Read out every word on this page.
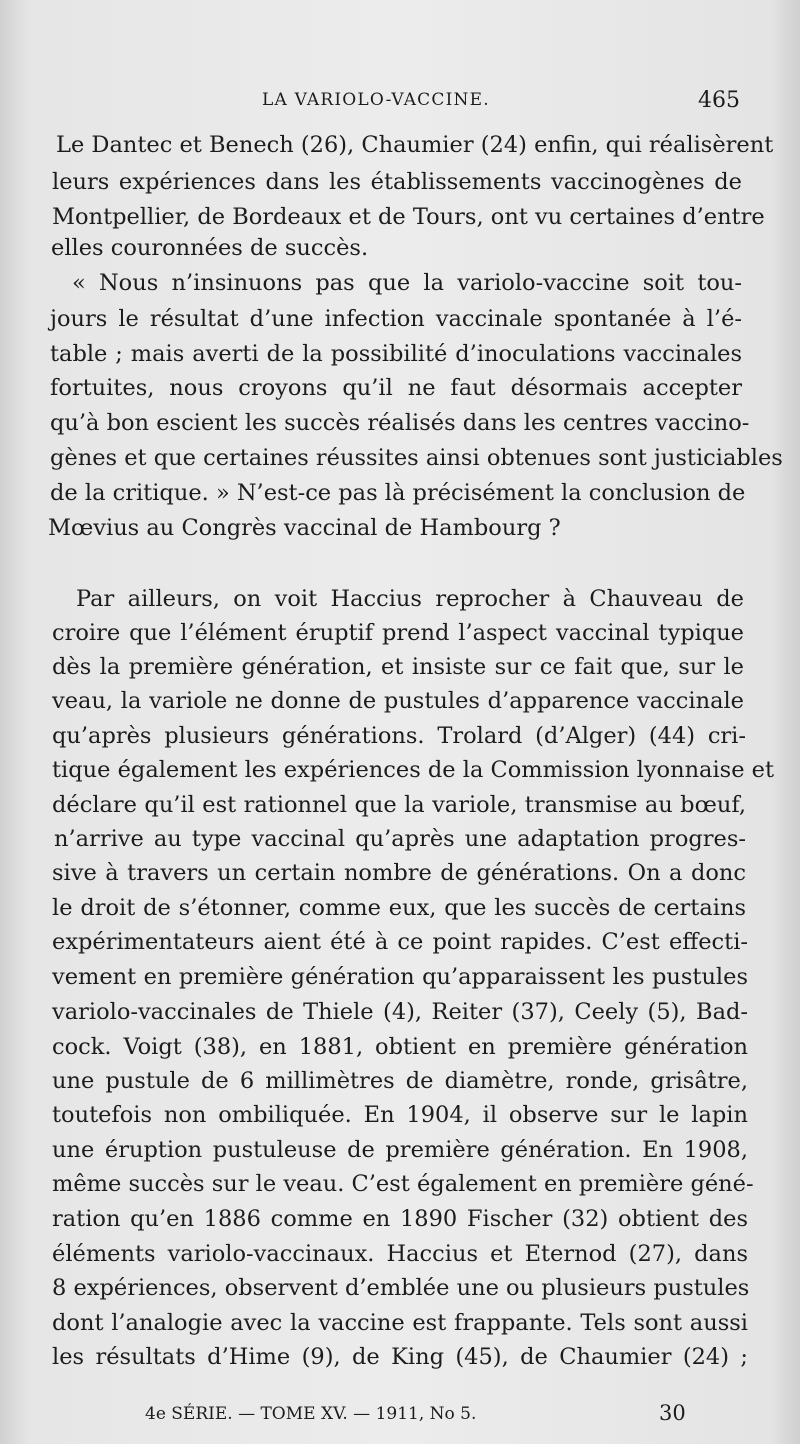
LA VARIOLO-VACCINE.	465
Le Dantec et Benech (26), Chaumier (24) enfin, qui réalisèrent
leurs expériences dans les établissements vaccinogènes de
Montpellier, de Bordeaux et de Tours, ont vu certaines d’entre
elles couronnées de succès.
« Nous n’insinuons pas que la variolo-vaccine soit tou-
jours le résultat d’une infection vaccinale spontanée à l’é-
table ; mais averti de la possibilité d’inoculations vaccinales
fortuites, nous croyons qu’il ne faut désormais accepter
qu’à bon escient les succès réalisés dans les centres vaccino-
gènes et que certaines réussites ainsi obtenues sont justiciables
de la critique. » N’est-ce pas là précisément la conclusion de
Mœvius au Congrès vaccinal de Hambourg ?
Par ailleurs, on voit Haccius reprocher à Chauveau de
croire que l’élément éruptif prend l’aspect vaccinal typique
dès la première génération, et insiste sur ce fait que, sur le
veau, la variole ne donne de pustules d’apparence vaccinale
qu’après plusieurs générations. Trolard (d’Alger) (44) cri-
tique également les expériences de la Commission lyonnaise et
déclare qu’il est rationnel que la variole, transmise au bœuf,
n’arrive au type vaccinal qu’après une adaptation progres-
sive à travers un certain nombre de générations. On a donc
le droit de s’étonner, comme eux, que les succès de certains
expérimentateurs aient été à ce point rapides. C’est effecti-
vement en première génération qu’apparaissent les pustules
variolo-vaccinales de Thiele (4), Reiter (37), Ceely (5), Bad-
cock. Voigt (38), en 1881, obtient en première génération
une pustule de 6 millimètres de diamètre, ronde, grisâtre,
toutefois non ombiliquée. En 1904, il observe sur le lapin
une éruption pustuleuse de première génération. En 1908,
même succès sur le veau. C’est également en première géné-
ration qu’en 1886 comme en 1890 Fischer (32) obtient des
éléments variolo-vaccinaux. Haccius et Eternod (27), dans
8 expériences, observent d’emblée une ou plusieurs pustules
dont l’analogie avec la vaccine est frappante. Tels sont aussi
les résultats d’Hime (9), de King (45), de Chaumier (24) ;
4e SÉRIE. — TOME XV. — 1911, No 5.	30
